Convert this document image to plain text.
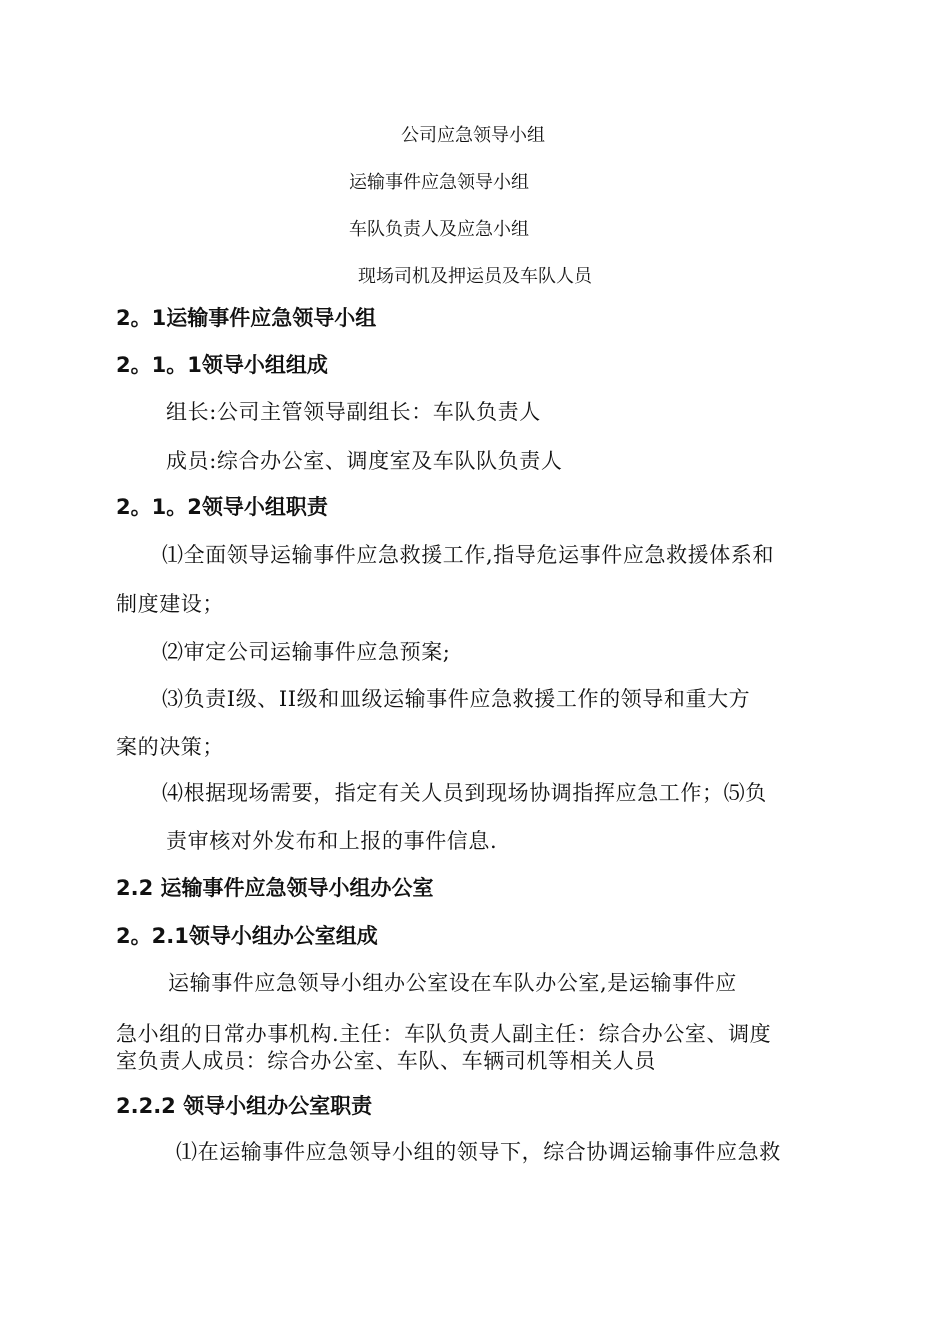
公司应急领导小组
运输事件应急领导小组
车队负责人及应急小组
现场司机及押运员及车队人员
2。1运输事件应急领导小组
2。1。1领导小组组成
组长:公司主管领导副组长：车队负责人
成员:综合办公室、调度室及车队队负责人
2。1。2领导小组职责
⑴全面领导运输事件应急救援工作,指导危运事件应急救援体系和
制度建设；
⑵审定公司运输事件应急预案;
⑶负责Ⅰ级、II级和皿级运输事件应急救援工作的领导和重大方
案的决策；
⑷根据现场需要，指定有关人员到现场协调指挥应急工作；⑸负
责审核对外发布和上报的事件信息.
2.2 运输事件应急领导小组办公室
2。2.1领导小组办公室组成
运输事件应急领导小组办公室设在车队办公室,是运输事件应
急小组的日常办事机构.主任：车队负责人副主任：综合办公室、调度
室负责人成员：综合办公室、车队、车辆司机等相关人员
2.2.2 领导小组办公室职责
⑴在运输事件应急领导小组的领导下，综合协调运输事件应急救
